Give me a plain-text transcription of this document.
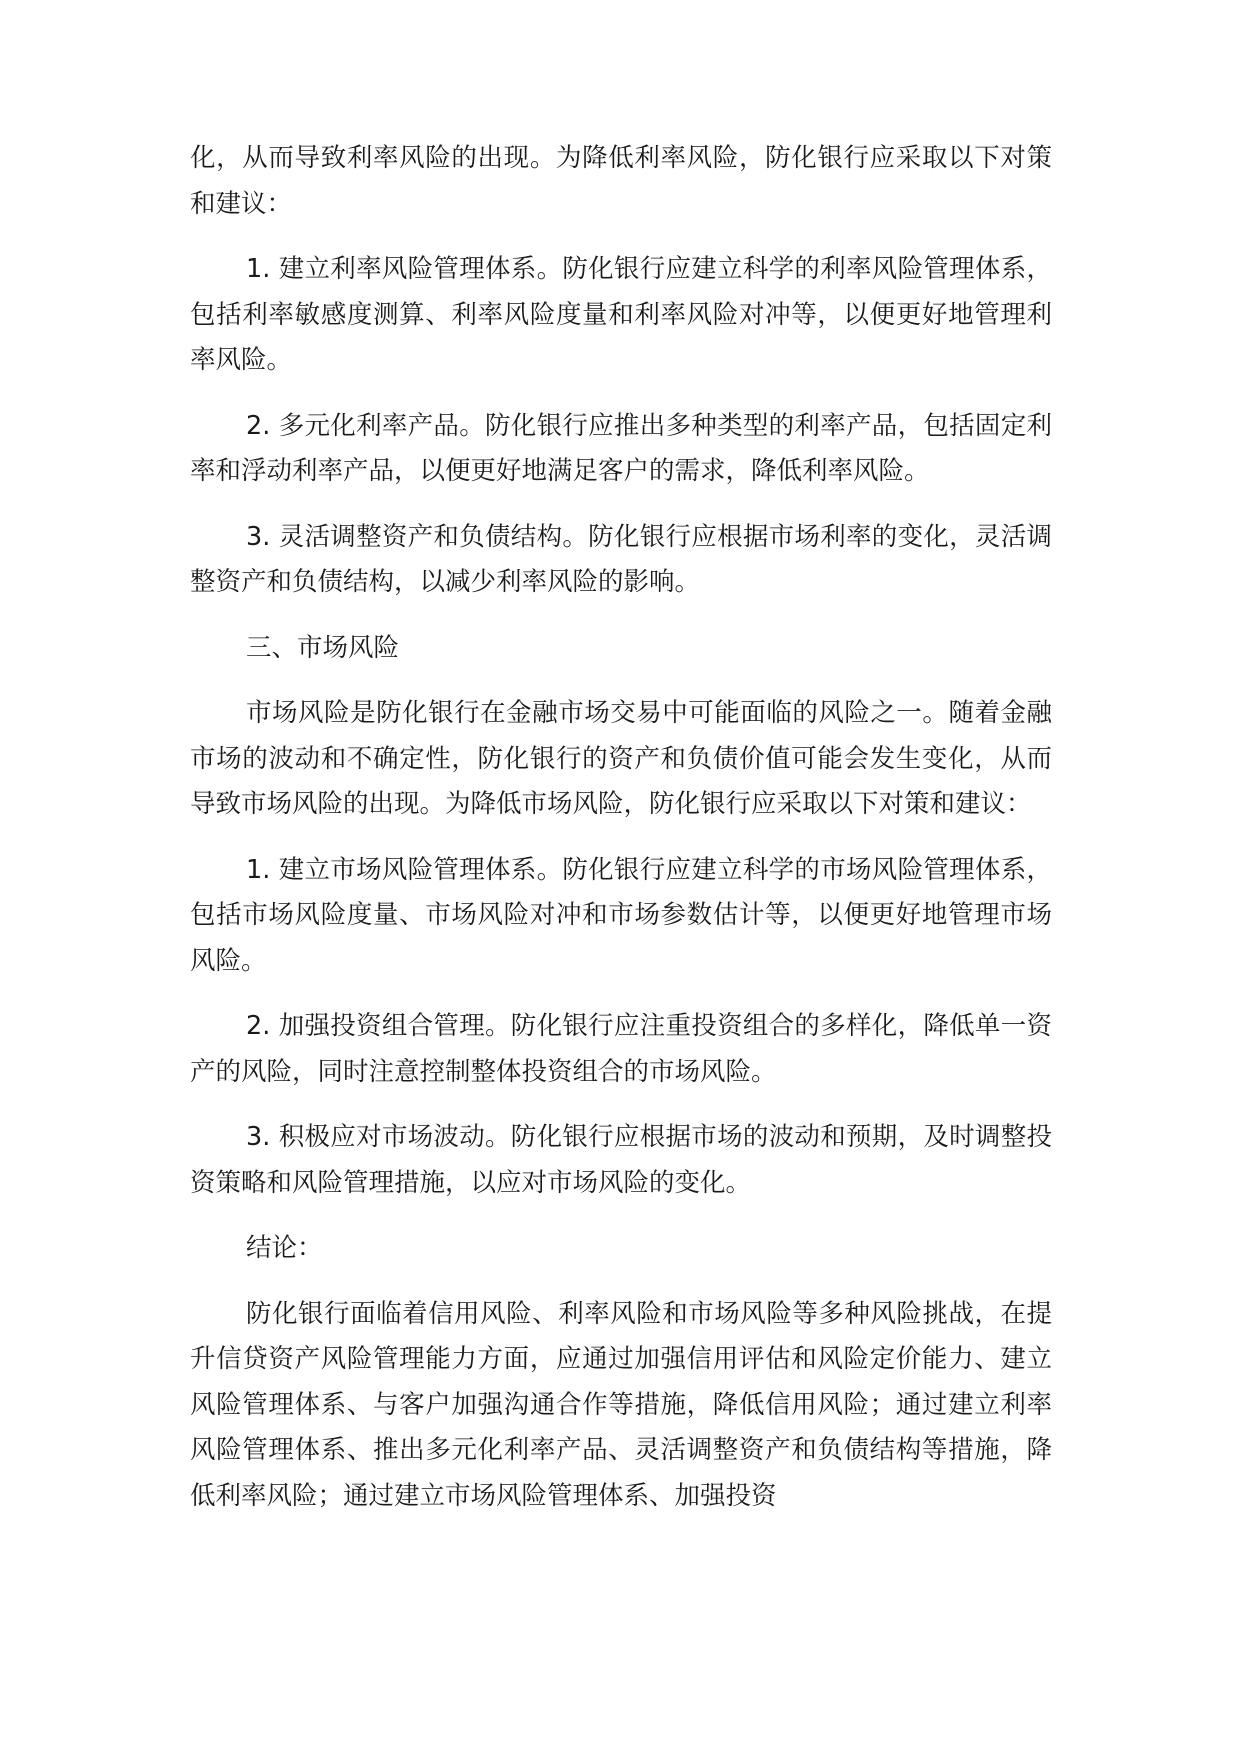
化，从而导致利率风险的出现。为降低利率风险，防化银行应采取以下对策和建议：

1. 建立利率风险管理体系。防化银行应建立科学的利率风险管理体系，包括利率敏感度测算、利率风险度量和利率风险对冲等，以便更好地管理利率风险。

2. 多元化利率产品。防化银行应推出多种类型的利率产品，包括固定利率和浮动利率产品，以便更好地满足客户的需求，降低利率风险。

3. 灵活调整资产和负债结构。防化银行应根据市场利率的变化，灵活调整资产和负债结构，以减少利率风险的影响。

三、市场风险

市场风险是防化银行在金融市场交易中可能面临的风险之一。随着金融市场的波动和不确定性，防化银行的资产和负债价值可能会发生变化，从而导致市场风险的出现。为降低市场风险，防化银行应采取以下对策和建议：

1. 建立市场风险管理体系。防化银行应建立科学的市场风险管理体系，包括市场风险度量、市场风险对冲和市场参数估计等，以便更好地管理市场风险。

2. 加强投资组合管理。防化银行应注重投资组合的多样化，降低单一资产的风险，同时注意控制整体投资组合的市场风险。

3. 积极应对市场波动。防化银行应根据市场的波动和预期，及时调整投资策略和风险管理措施，以应对市场风险的变化。

结论：

防化银行面临着信用风险、利率风险和市场风险等多种风险挑战，在提升信贷资产风险管理能力方面，应通过加强信用评估和风险定价能力、建立风险管理体系、与客户加强沟通合作等措施，降低信用风险；通过建立利率风险管理体系、推出多元化利率产品、灵活调整资产和负债结构等措施，降低利率风险；通过建立市场风险管理体系、加强投资
